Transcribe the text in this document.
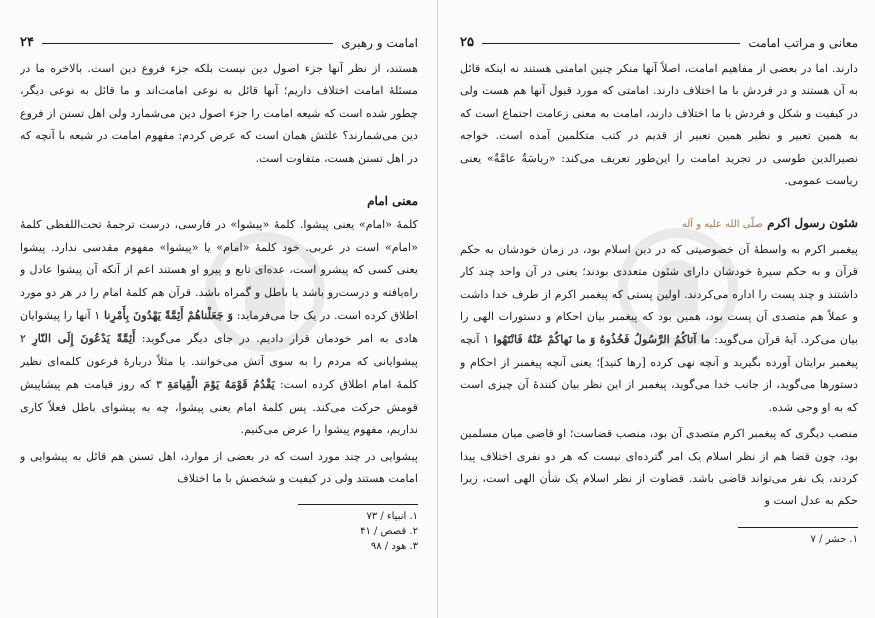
امامت و رهبری
۲۴

هستند، از نظر آنها جزء اصول دین نیست بلکه جزء فروع دین است. بالاخره ما در مسئلهٔ امامت اختلاف داریم؛ آنها قائل به نوعی امامت‌اند و ما قائل به نوعی دیگر، چطور شده است که شیعه امامت را جزء اصول دین می‌شمارد ولی اهل تسنن از فروع دین می‌شمارند؟ علتش همان است که عرض کردم: مفهوم امامت در شیعه با آنچه که در اهل تسنن هست، متفاوت است.

معنی امام

کلمهٔ «امام» یعنی پیشوا. کلمهٔ «پیشوا» در فارسی، درست ترجمهٔ تحت‌اللفظی کلمهٔ «امام» است در عربی. خود کلمهٔ «امام» یا «پیشوا» مفهوم مقدسی ندارد. پیشوا یعنی کسی که پیشرو است، عده‌ای تابع و پیرو او هستند اعم از آنکه آن پیشوا عادل و راه‌یافته و درست‌رو باشد یا باطل و گمراه باشد. قرآن هم کلمهٔ امام را در هر دو مورد اطلاق کرده است. در یک جا می‌فرماید: وَ جَعَلْناهُمْ أَئِمَّةً يَهْدُونَ بِأَمْرِنا ۱ آنها را پیشوایان هادی به امر خودمان قرار دادیم. در جای دیگر می‌گوید: أَئِمَّةً يَدْعُونَ إِلَى النّارِ ۲ پیشوایانی که مردم را به سوی آتش می‌خوانند. یا مثلاً دربارهٔ فرعون کلمه‌ای نظیر کلمهٔ امام اطلاق کرده است: يَقْدُمُ قَوْمَهُ يَوْمَ الْقِيامَةِ ۳ که روز قیامت هم پیشاپیش قومش حرکت می‌کند. پس کلمهٔ امام یعنی پیشوا، چه به پیشوای باطل فعلاً کاری نداریم، مفهوم پیشوا را عرض می‌کنیم.

پیشوایی در چند مورد است که در بعضی از موارد، اهل تسنن هم قائل به پیشوایی و امامت هستند ولی در کیفیت و شخصش با ما اختلاف

۱. انبیاء / ۷۳
۲. قصص / ۴۱
۳. هود / ۹۸
معانی و مراتب امامت
۲۵

دارند. اما در بعضی از مفاهیم امامت، اصلاً آنها منکر چنین امامتی هستند نه اینکه قائل به آن هستند و در فردش با ما اختلاف دارند. امامتی که مورد قبول آنها هم هست ولی در کیفیت و شکل و فردش با ما اختلاف دارند، امامت به معنی زعامت اجتماع است که به همین تعبیر و نظیر همین تعبیر از قدیم در کتب متکلمین آمده است. خواجه نصیرالدین طوسی در تجرید امامت را این‌طور تعریف می‌کند: «رياسَةٌ عامَّةٌ» یعنی ریاست عمومی.

شئون رسول اکرم صلّی الله علیه و آله

پیغمبر اکرم به واسطهٔ آن خصوصیتی که در دین اسلام بود، در زمان خودشان به حکم قرآن و به حکم سیرهٔ خودشان دارای شئون متعددی بودند؛ یعنی در آن واحد چند کار داشتند و چند پست را اداره می‌کردند. اولین پستی که پیغمبر اکرم از طرف خدا داشت و عملاً هم متصدی آن پست بود، همین بود که پیغمبر بیان احکام و دستورات الهی را بیان می‌کرد. آیهٔ قرآن می‌گوید: ما آتاكُمُ الرَّسُولُ فَخُذُوهُ وَ ما نَهاكُمْ عَنْهُ فَانْتَهُوا ۱ آنچه پیغمبر برایتان آورده بگیرید و آنچه نهی کرده [رها کنید]؛ یعنی آنچه پیغمبر از احکام و دستورها می‌گوید، از جانب خدا می‌گوید، پیغمبر از این نظر بیان کنندهٔ آن چیزی است که به او وحی شده.

منصب دیگری که پیغمبر اکرم متصدی آن بود، منصب قضاست؛ او قاضی میان مسلمین بود، چون قضا هم از نظر اسلام یک امر گترده‌ای نیست که هر دو نفری اختلاف پیدا کردند، یک نفر می‌تواند قاضی باشد. قضاوت از نظر اسلام یک شأن الهی است، زیرا حکم به عدل است و

۱. حشر / ۷
